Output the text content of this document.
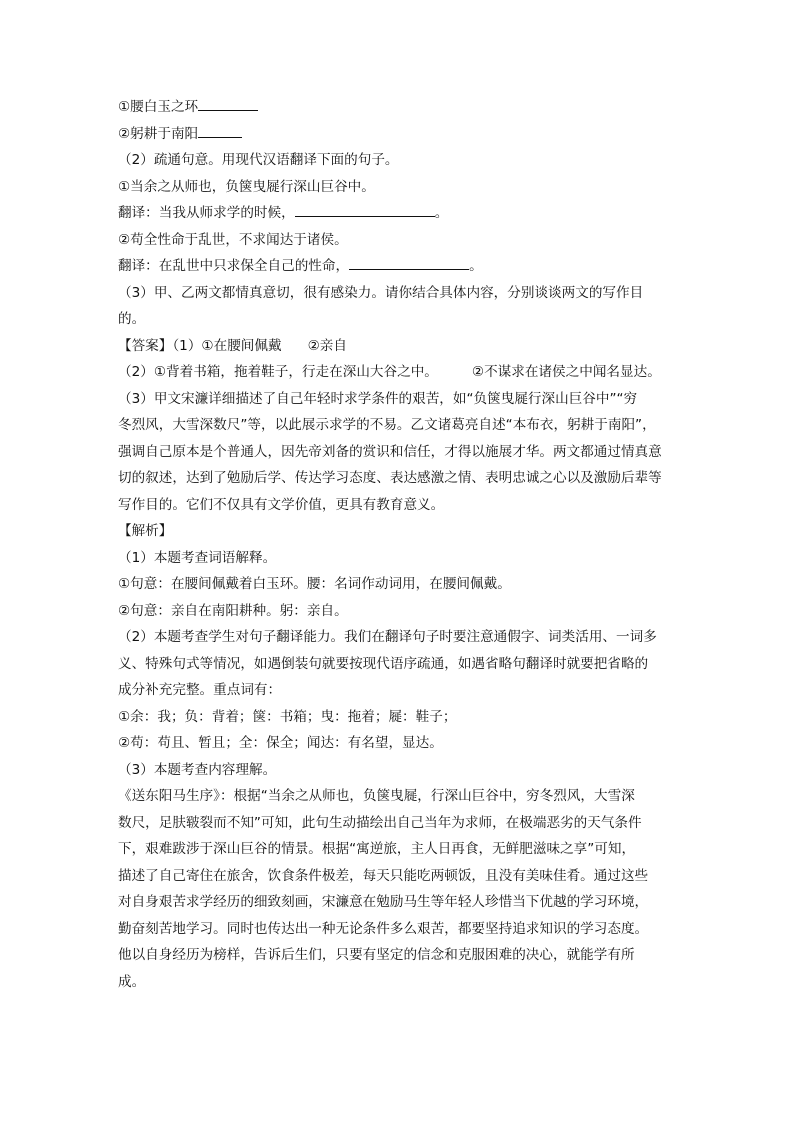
①腰白玉之环
②躬耕于南阳
（2）疏通句意。用现代汉语翻译下面的句子。
①当余之从师也，负箧曳屣行深山巨谷中。
翻译：当我从师求学的时候，	。
②苟全性命于乱世，不求闻达于诸侯。
翻译：在乱世中只求保全自己的性命，	。
（3）甲、乙两文都情真意切，很有感染力。请你结合具体内容，分别谈谈两文的写作目
的。
【答案】（1）①在腰间佩戴 ②亲自
（2）①背着书箱，拖着鞋子，行走在深山大谷之中。	②不谋求在诸侯之中闻名显达。
（3）甲文宋濂详细描述了自己年轻时求学条件的艰苦，如“负箧曳屣行深山巨谷中”“穷
冬烈风，大雪深数尺”等，以此展示求学的不易。乙文诸葛亮自述“本布衣，躬耕于南阳”，
强调自己原本是个普通人，因先帝刘备的赏识和信任，才得以施展才华。两文都通过情真意
切的叙述，达到了勉励后学、传达学习态度、表达感激之情、表明忠诚之心以及激励后辈等
写作目的。它们不仅具有文学价值，更具有教育意义。
【解析】
（1）本题考查词语解释。
①句意：在腰间佩戴着白玉环。腰：名词作动词用，在腰间佩戴。
②句意：亲自在南阳耕种。躬：亲自。
（2）本题考查学生对句子翻译能力。我们在翻译句子时要注意通假字、词类活用、一词多
义、特殊句式等情况，如遇倒装句就要按现代语序疏通，如遇省略句翻译时就要把省略的
成分补充完整。重点词有：
①余：我；负：背着；箧：书箱；曳：拖着；屣：鞋子；
②苟：苟且、暂且；全：保全；闻达：有名望，显达。
（3）本题考查内容理解。
《送东阳马生序》：根据“当余之从师也，负箧曳屣，行深山巨谷中，穷冬烈风，大雪深
数尺，足肤皲裂而不知”可知，此句生动描绘出自己当年为求师，在极端恶劣的天气条件
下，艰难跋涉于深山巨谷的情景。根据“寓逆旅，主人日再食，无鲜肥滋味之享”可知，
描述了自己寄住在旅舍，饮食条件极差，每天只能吃两顿饭，且没有美味佳肴。通过这些
对自身艰苦求学经历的细致刻画，宋濂意在勉励马生等年轻人珍惜当下优越的学习环境，
勤奋刻苦地学习。同时也传达出一种无论条件多么艰苦，都要坚持追求知识的学习态度。
他以自身经历为榜样，告诉后生们，只要有坚定的信念和克服困难的决心，就能学有所
成。
